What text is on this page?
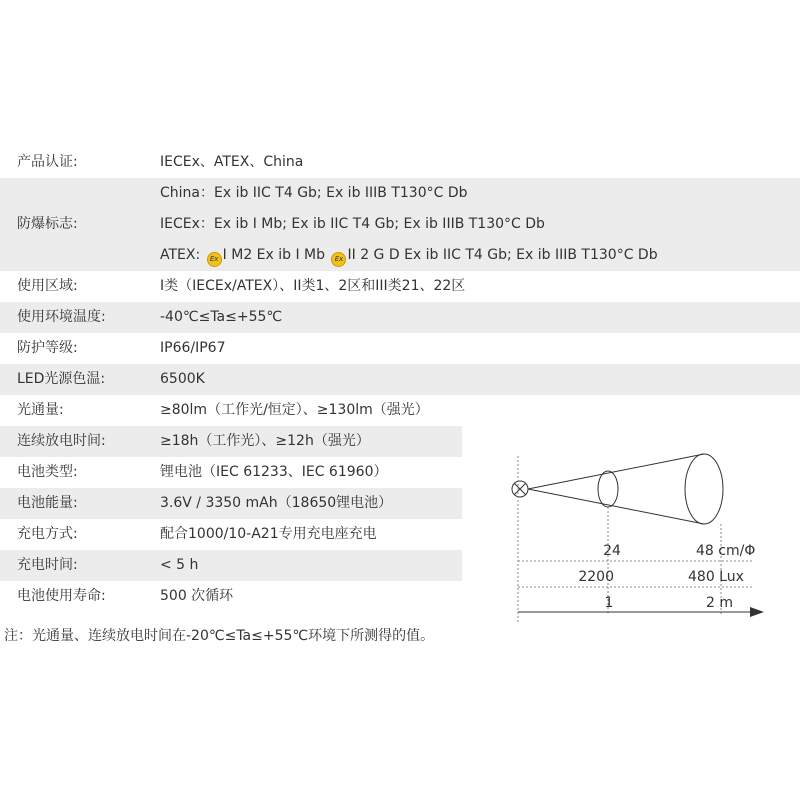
产品认证:	IECEx、ATEX、China
防爆标志:
China：Ex ib IIC T4 Gb; Ex ib IIIB T130°C Db
IECEx：Ex ib I Mb; Ex ib IIC T4 Gb; Ex ib IIIB T130°C Db
ATEX: Ex I M2 Ex ib I Mb Ex II 2 G D Ex ib IIC T4 Gb; Ex ib IIIB T130°C Db
使用区域:	I类（IECEx/ATEX）、II类1、2区和III类21、22区
使用环境温度:	-40℃≤Ta≤+55℃
防护等级:	IP66/IP67
LED光源色温:	6500K
光通量:	≥80lm（工作光/恒定）、≥130lm（强光）
连续放电时间:	≥18h（工作光）、≥12h（强光）
电池类型:	锂电池（IEC 61233、IEC 61960）
电池能量:	3.6V / 3350 mAh（18650锂电池）
充电方式:	配合1000/10-A21专用充电座充电
充电时间:	< 5 h
电池使用寿命:	500 次循环
注：光通量、连续放电时间在-20℃≤Ta≤+55℃环境下所测得的值。
24	48 cm/Φ
2200	480 Lux
1	2 m
